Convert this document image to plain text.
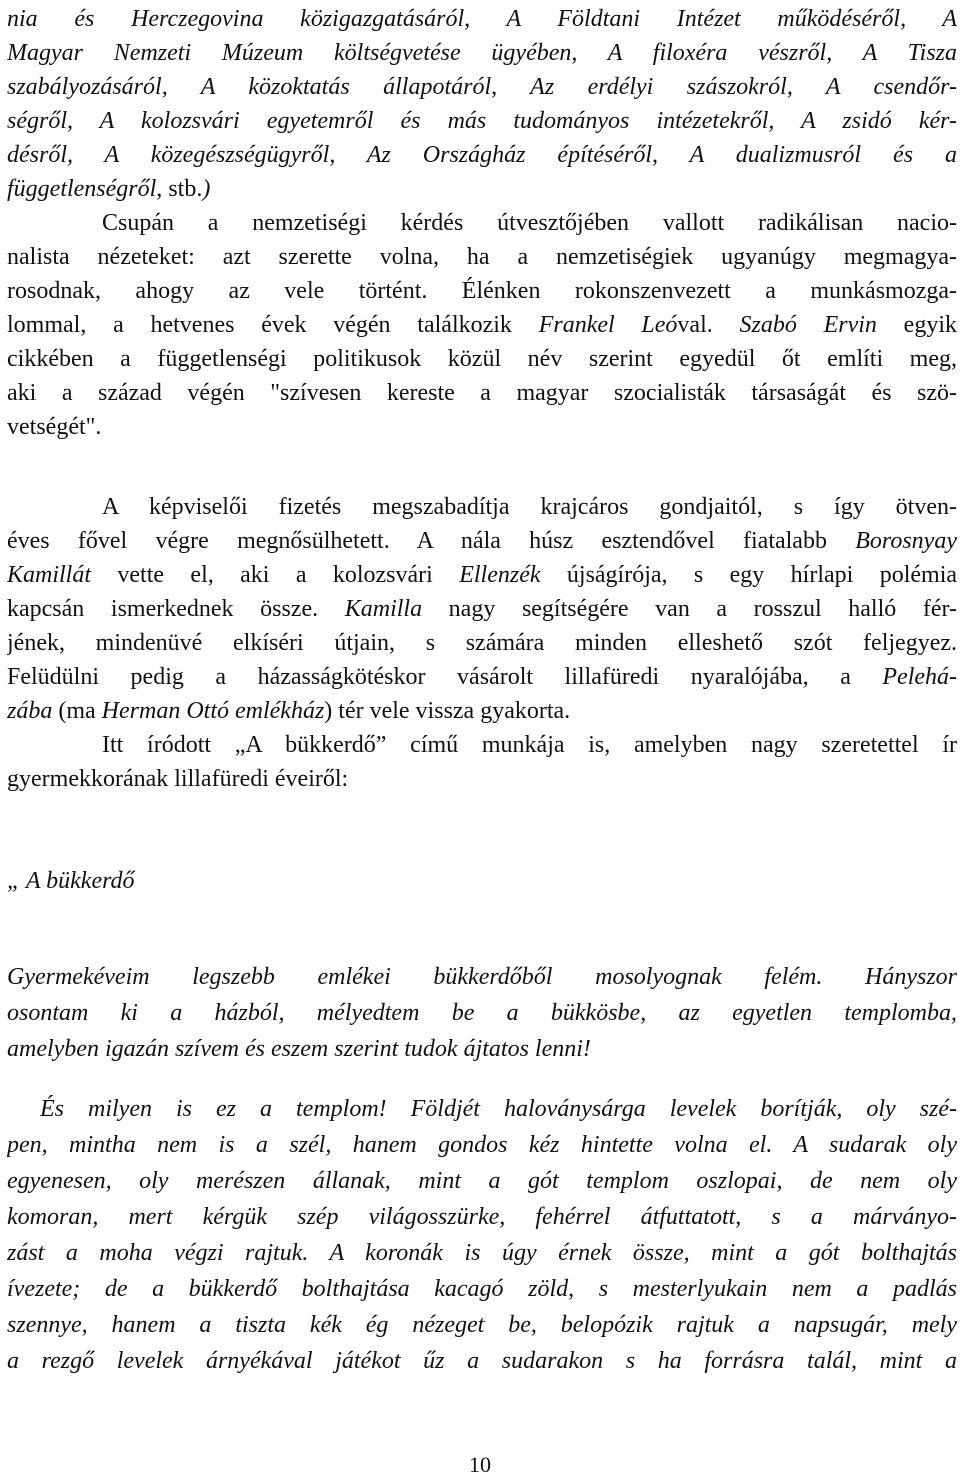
nia és Herczegovina közigazgatásáról, A Földtani Intézet működéséről, A
Magyar Nemzeti Múzeum költségvetése ügyében, A filoxéra vészről, A Tisza
szabályozásáról, A közoktatás állapotáról, Az erdélyi szászokról, A csendőr-
ségről, A kolozsvári egyetemről és más tudományos intézetekről, A zsidó kér-
désről, A közegészségügyről, Az Országház építéséről, A dualizmusról és a
függetlenségről, stb.)
Csupán a nemzetiségi kérdés útvesztőjében vallott radikálisan nacio-
nalista nézeteket: azt szerette volna, ha a nemzetiségiek ugyanúgy megmagya-
rosodnak, ahogy az vele történt. Élénken rokonszenvezett a munkásmozga-
lommal, a hetvenes évek végén találkozik Frankel Leóval. Szabó Ervin egyik
cikkében a függetlenségi politikusok közül név szerint egyedül őt említi meg,
aki a század végén "szívesen kereste a magyar szocialisták társaságát és szö-
vetségét".
A képviselői fizetés megszabadítja krajcáros gondjaitól, s így ötven-
éves fővel végre megnősülhetett. A nála húsz esztendővel fiatalabb Borosnyay
Kamillát vette el, aki a kolozsvári Ellenzék újságírója, s egy hírlapi polémia
kapcsán ismerkednek össze. Kamilla nagy segítségére van a rosszul halló fér-
jének, mindenüvé elkíséri útjain, s számára minden elleshető szót feljegyez.
Felüdülni pedig a házasságkötéskor vásárolt lillafüredi nyaralójába, a Pelehá-
zába (ma Herman Ottó emlékház) tér vele vissza gyakorta.
Itt íródott „A bükkerdő” című munkája is, amelyben nagy szeretettel ír
gyermekkorának lillafüredi éveiről:
„ A bükkerdő
Gyermekéveim legszebb emlékei bükkerdőből mosolyognak felém. Hányszor
osontam ki a házból, mélyedtem be a bükkösbe, az egyetlen templomba,
amelyben igazán szívem és eszem szerint tudok ájtatos lenni!
És milyen is ez a templom! Földjét haloványsárga levelek borítják, oly szé-
pen, mintha nem is a szél, hanem gondos kéz hintette volna el. A sudarak oly
egyenesen, oly merészen állanak, mint a gót templom oszlopai, de nem oly
komoran, mert kérgük szép világosszürke, fehérrel átfuttatott, s a márványo-
zást a moha végzi rajtuk. A koronák is úgy érnek össze, mint a gót bolthajtás
ívezete; de a bükkerdő bolthajtása kacagó zöld, s mesterlyukain nem a padlás
szennye, hanem a tiszta kék ég nézeget be, belopózik rajtuk a napsugár, mely
a rezgő levelek árnyékával játékot űz a sudarakon s ha forrásra talál, mint a
10
